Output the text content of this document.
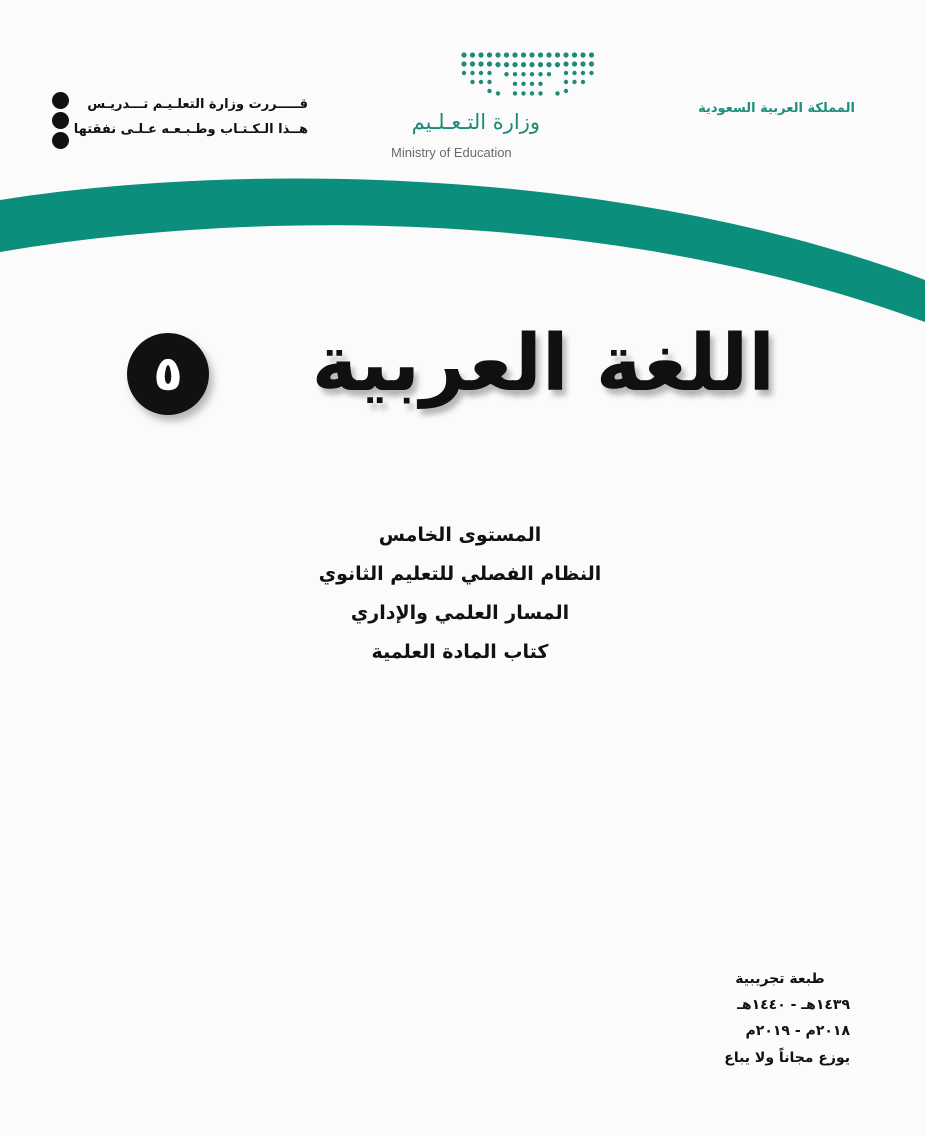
قـــــررت وزارة التعلـيـم تـــدريـس
هــذا الـكـتـاب وطـبـعـه عـلـى نفقتها	وزارة التـعـلـيم
Ministry of Education
المملكة العربية السعودية
اللغة العربية
٥
المستوى الخامس
النظام الفصلي للتعليم الثانوي
المسار العلمي والإداري
كتاب المادة العلمية
طبعة تجريبية
١٤٣٩هـ - ١٤٤٠هـ
٢٠١٨م - ٢٠١٩م
يوزع مجاناً ولا يباع
